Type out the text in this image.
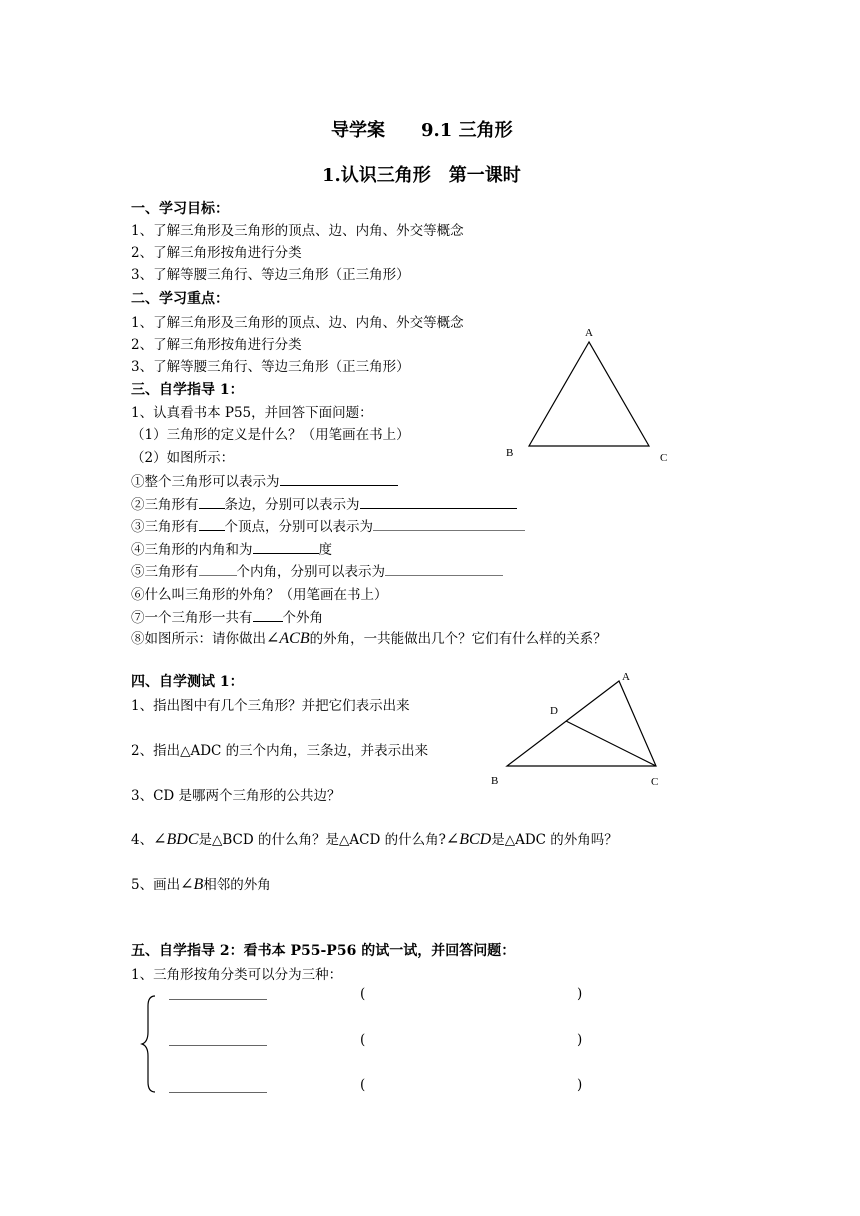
导学案　　9.1 三角形
1.认识三角形　第一课时
一、学习目标：
1、了解三角形及三角形的顶点、边、内角、外交等概念
2、了解三角形按角进行分类
3、了解等腰三角行、等边三角形（正三角形）
二、学习重点：
1、了解三角形及三角形的顶点、边、内角、外交等概念
2、了解三角形按角进行分类
3、了解等腰三角行、等边三角形（正三角形）
A
B	C
三、自学指导 1：
1、认真看书本 P55，并回答下面问题：
（1）三角形的定义是什么？（用笔画在书上）
（2）如图所示：
①整个三角形可以表示为
②三角形有 条边，分别可以表示为
③三角形有 个顶点，分别可以表示为
④三角形的内角和为	度
⑤三角形有	个内角，分别可以表示为
⑥什么叫三角形的外角？（用笔画在书上）
⑦一个三角形一共有 个外角
⑧如图所示：请你做出∠ACB的外角，一共能做出几个？它们有什么样的关系？
四、自学测试 1：
1、指出图中有几个三角形？并把它们表示出来
A
B	C
D
2、指出△ADC 的三个内角，三条边，并表示出来
3、CD 是哪两个三角形的公共边？
4、∠BDC是△BCD 的什么角？是△ACD 的什么角?∠BCD是△ADC 的外角吗？
5、画出∠B相邻的外角
五、自学指导 2：看书本 P55-P56 的试一试，并回答问题：
1、三角形按角分类可以分为三种：
(	)
(	)
(	)
